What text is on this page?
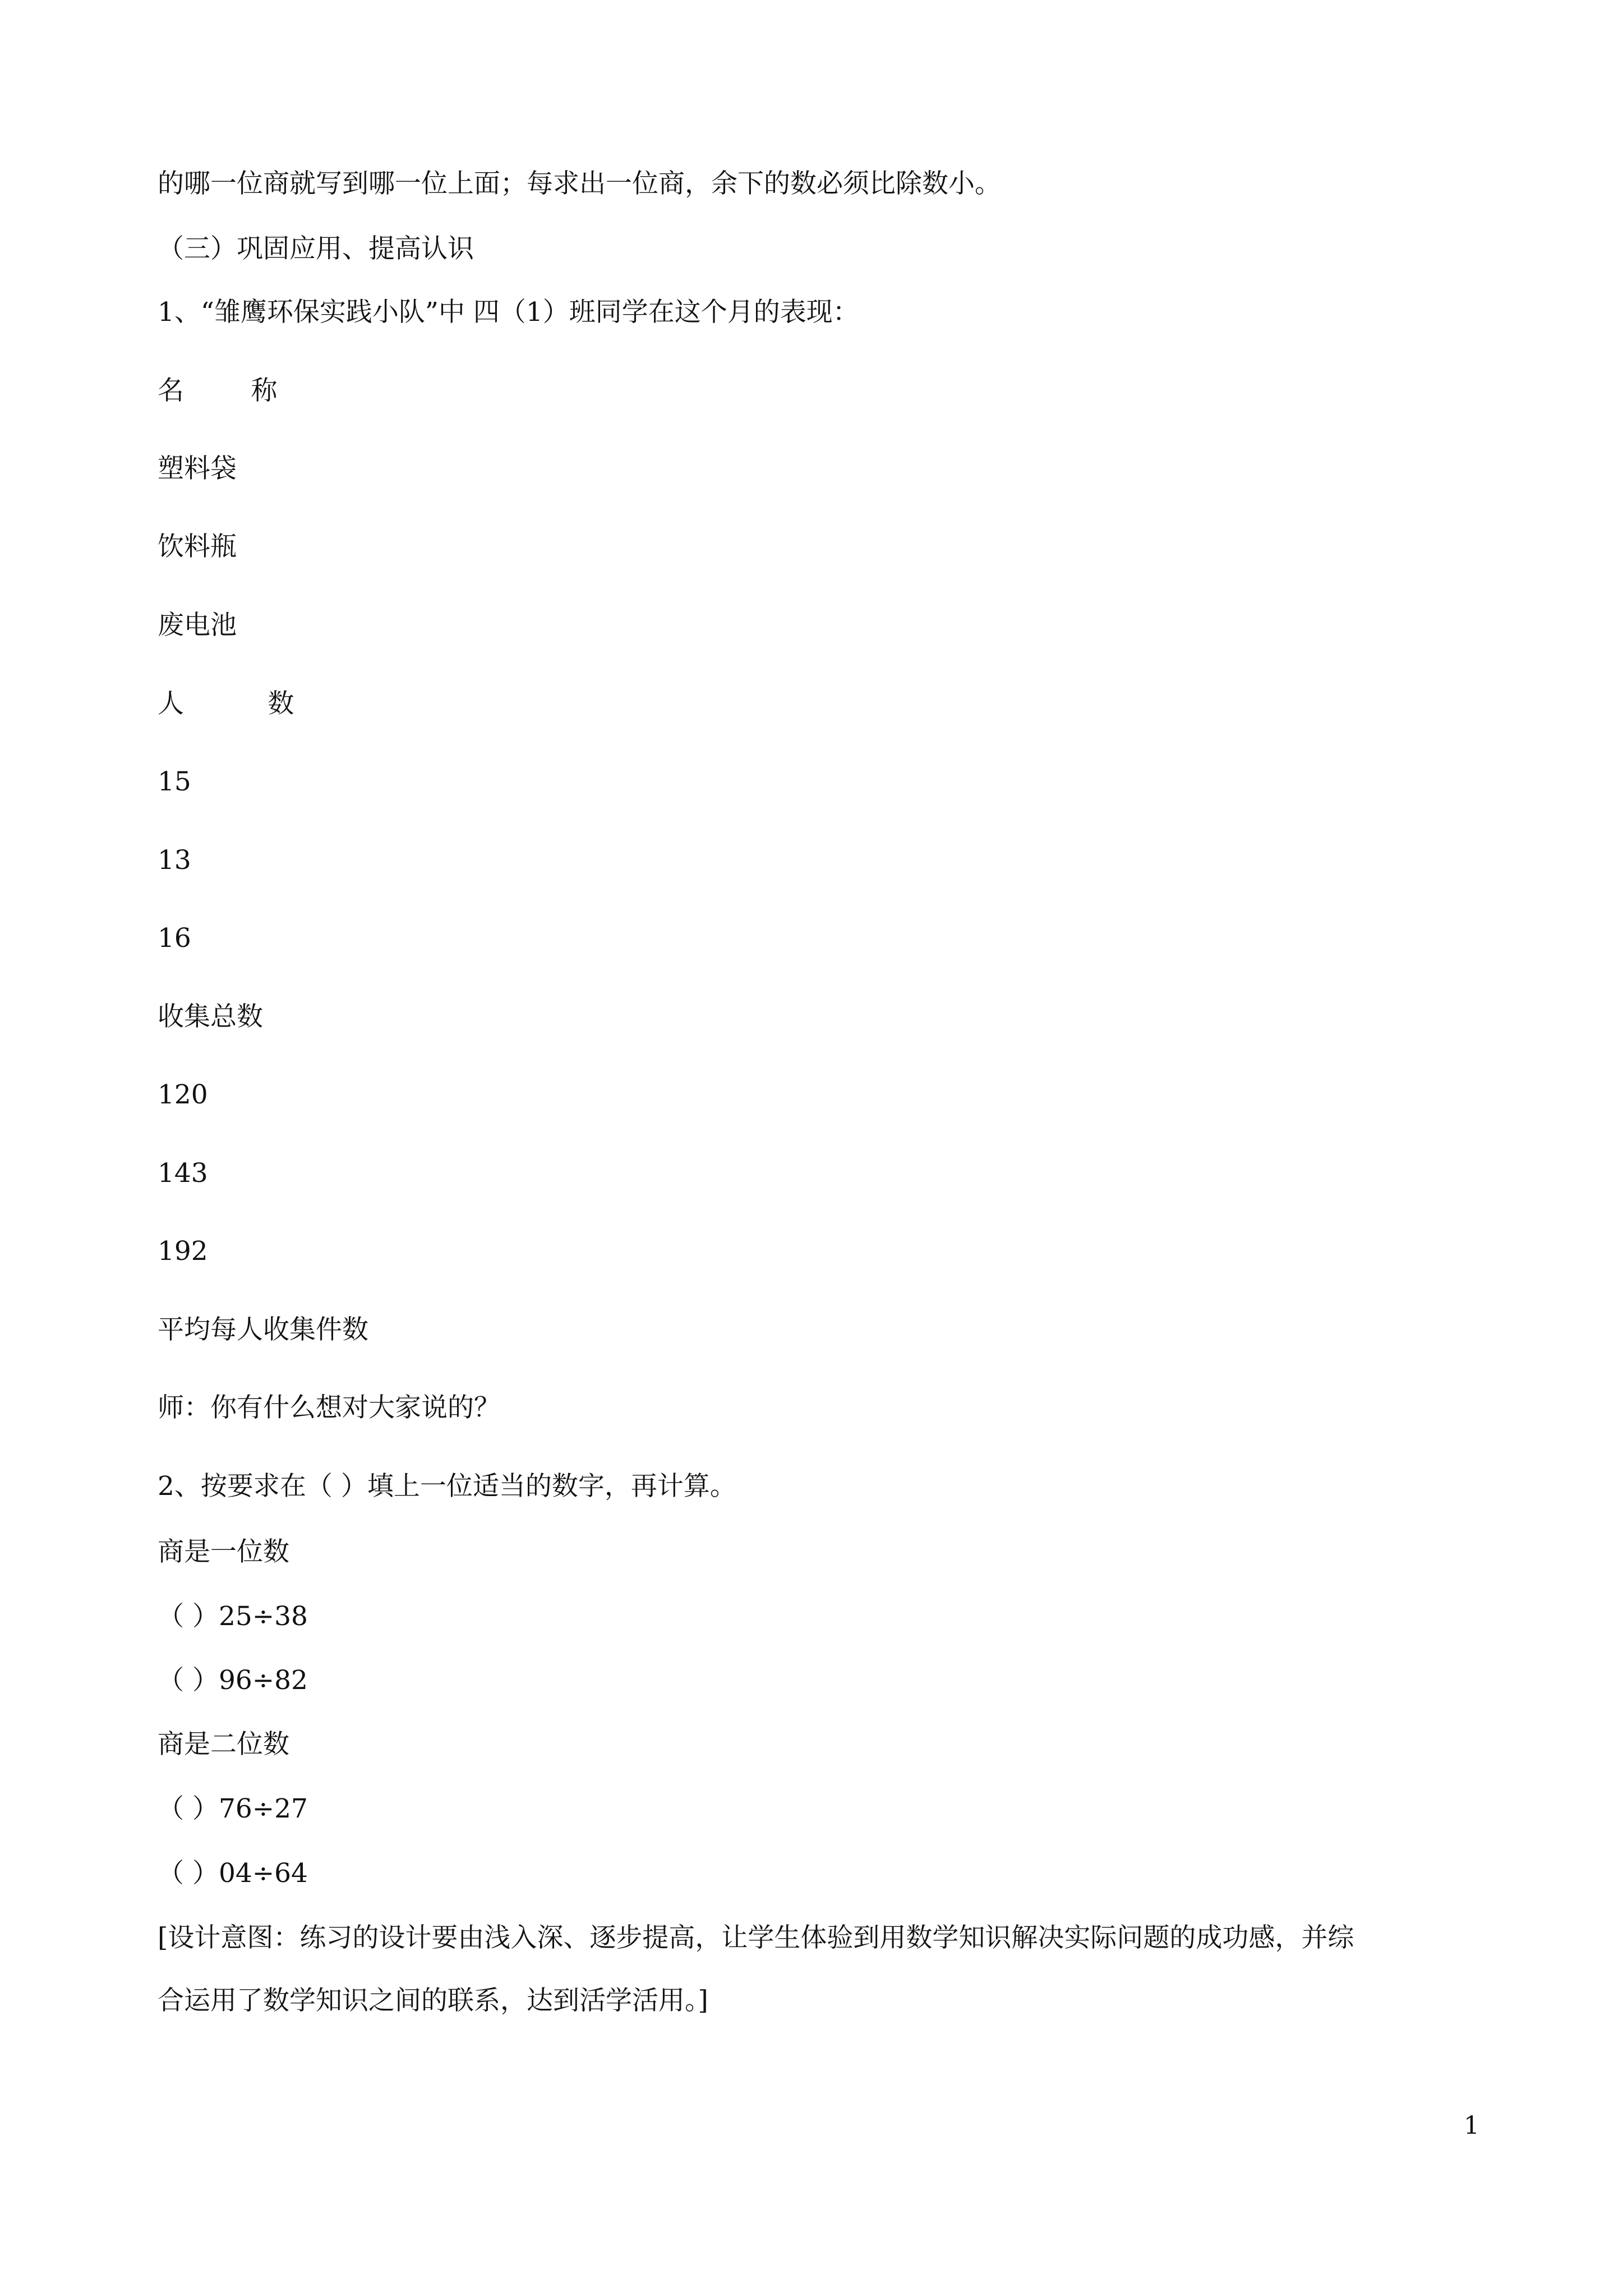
的哪一位商就写到哪一位上面；每求出一位商，余下的数必须比除数小。
（三）巩固应用、提高认识
1、“雏鹰环保实践小队”中 四（1）班同学在这个月的表现：
名        称
塑料袋
饮料瓶
废电池
人          数
15
13
16
收集总数
120
143
192
平均每人收集件数
师：你有什么想对大家说的？
2、按要求在（ ）填上一位适当的数字，再计算。
商是一位数
（ ）25÷38
（ ）96÷82
商是二位数
（ ）76÷27
（ ）04÷64
[设计意图：练习的设计要由浅入深、逐步提高，让学生体验到用数学知识解决实际问题的成功感，并综
合运用了数学知识之间的联系，达到活学活用。]
1
